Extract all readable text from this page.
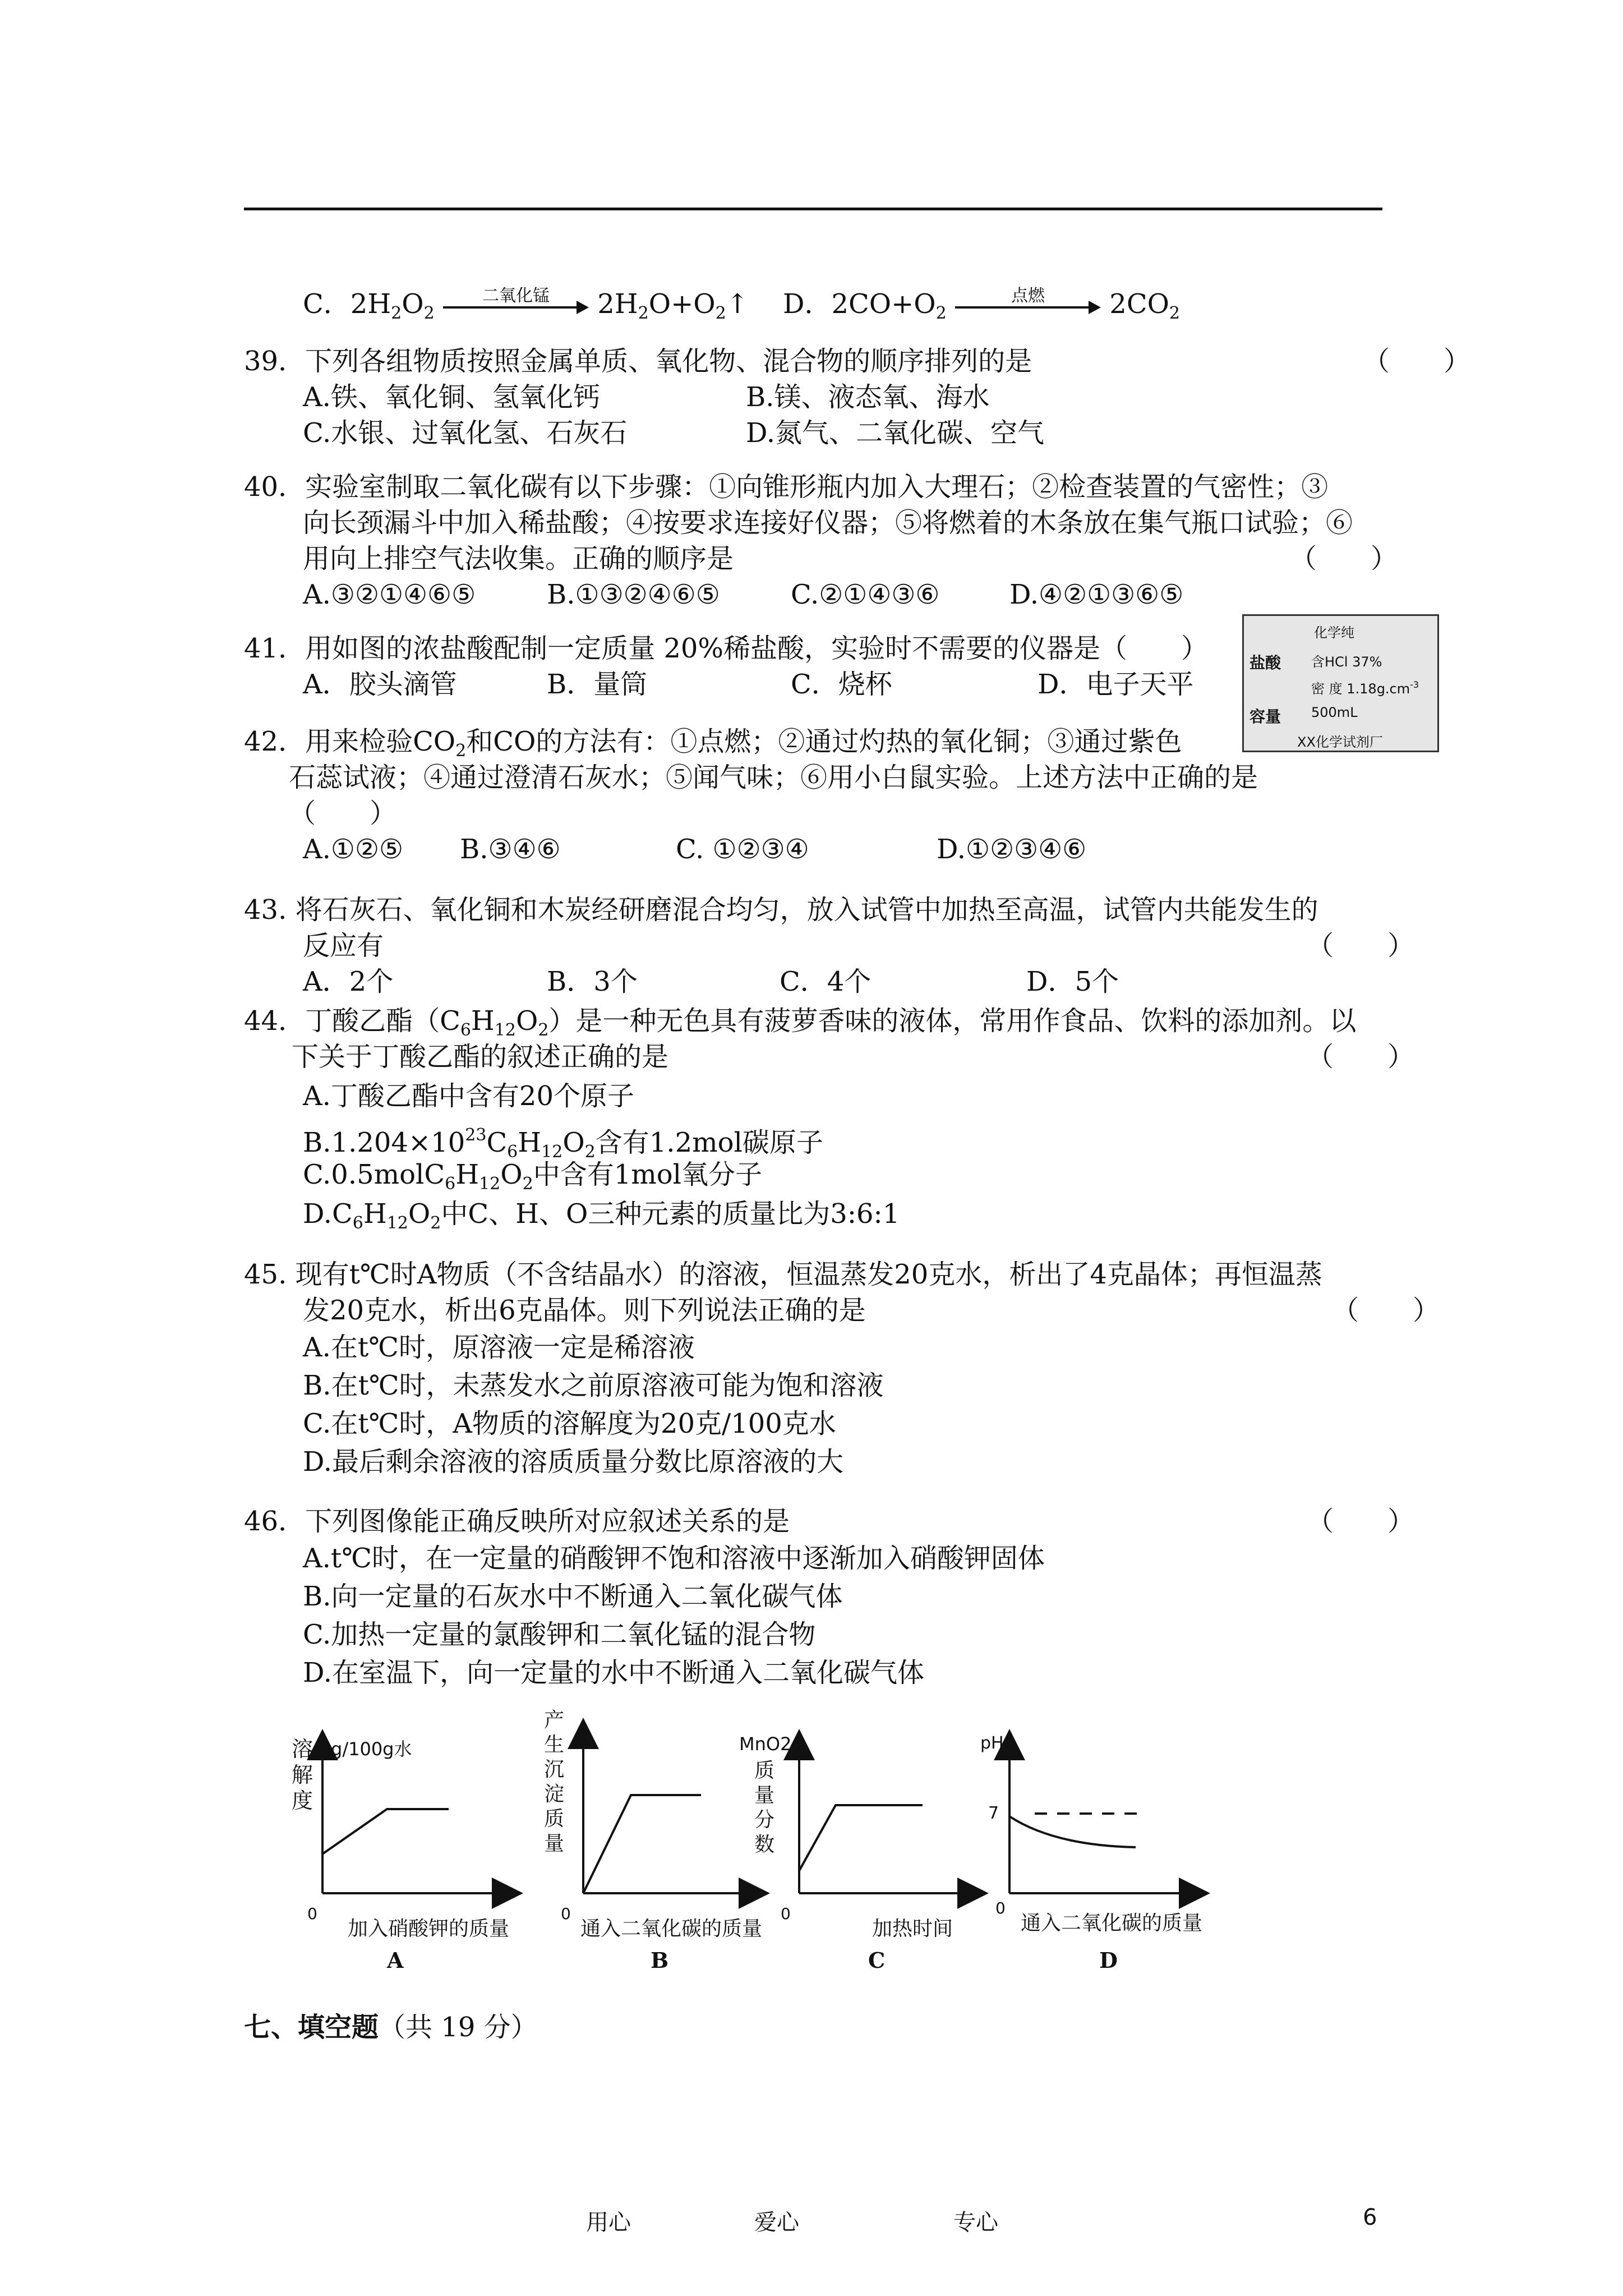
C．$2H_2O_2$
二氧化锰	$2H_2O+O_2↑$    D．$2CO+O_2$
点燃	$2CO_2$
39．下列各组物质按照金属单质、氧化物、混合物的顺序排列的是	（　　）
A.铁、氧化铜、氢氧化钙	B.镁、液态氧、海水
C.水银、过氧化氢、石灰石	D.氮气、二氧化碳、空气
40．实验室制取二氧化碳有以下步骤：①向锥形瓶内加入大理石；②检查装置的气密性；③
向长颈漏斗中加入稀盐酸；④按要求连接好仪器；⑤将燃着的木条放在集气瓶口试验；⑥
用向上排空气法收集。正确的顺序是	（　　）
A.③②①④⑥⑤	B.①③②④⑥⑤	C.②①④③⑥	D.④②①③⑥⑤
41．用如图的浓盐酸配制一定质量 20%稀盐酸，实验时不需要的仪器是（　　）
A．胶头滴管	B．量筒	C．烧杯	D．电子天平
化学纯
盐酸 含HCl 37%
密 度 $1.18g.cm^{-3}$
容量 500mL
XX化学试剂厂
42．用来检验$CO_2$和CO的方法有：①点燃；②通过灼热的氧化铜；③通过紫色
石蕊试液；④通过澄清石灰水；⑤闻气味；⑥用小白鼠实验。上述方法中正确的是
（　　）
A.①②⑤ B.③④⑥	C. ①②③④	D.①②③④⑥
43. 将石灰石、氧化铜和木炭经研磨混合均匀，放入试管中加热至高温，试管内共能发生的
反应有	（　　）
A．2个	B．3个	C．4个	D．5个
44．丁酸乙酯$(C_6H_{12}O_2)$是一种无色具有菠萝香味的液体，常用作食品、饮料的添加剂。以
下关于丁酸乙酯的叙述正确的是	（　　）
A.丁酸乙酯中含有20个原子
$B.1.204\times 10^{23}C_6H_{12}O_2$含有1.2mol碳原子
$C.0.5molC_6H_{12}O_2$中含有1mol氧分子
$D.C_6H_{12}O_2$中C、H、O三种元素的质量比为3:6:1
45. 现有t℃时A物质（不含结晶水）的溶液，恒温蒸发20克水，析出了4克晶体；再恒温蒸
发20克水，析出6克晶体。则下列说法正确的是	（　　）
A.在t℃时，原溶液一定是稀溶液
B.在t℃时，未蒸发水之前原溶液可能为饱和溶液
C.在t℃时，A物质的溶解度为20克/100克水
D.最后剩余溶液的溶质质量分数比原溶液的大
46．下列图像能正确反映所对应叙述关系的是	（　　）
A.t℃时，在一定量的硝酸钾不饱和溶液中逐渐加入硝酸钾固体
B.向一定量的石灰水中不断通入二氧化碳气体
C.加热一定量的氯酸钾和二氧化锰的混合物
D.在室温下，向一定量的水中不断通入二氧化碳气体
溶解度
g/100g水
0
加入硝酸钾的质量
A
产生沉淀质量
0
通入二氧化碳的质量
B
MnO2
质量分数
0
加热时间
C
pH
7
0
通入二氧化碳的质量
D
七、填空题（共 19 分）
用心	爱心	专心	6
